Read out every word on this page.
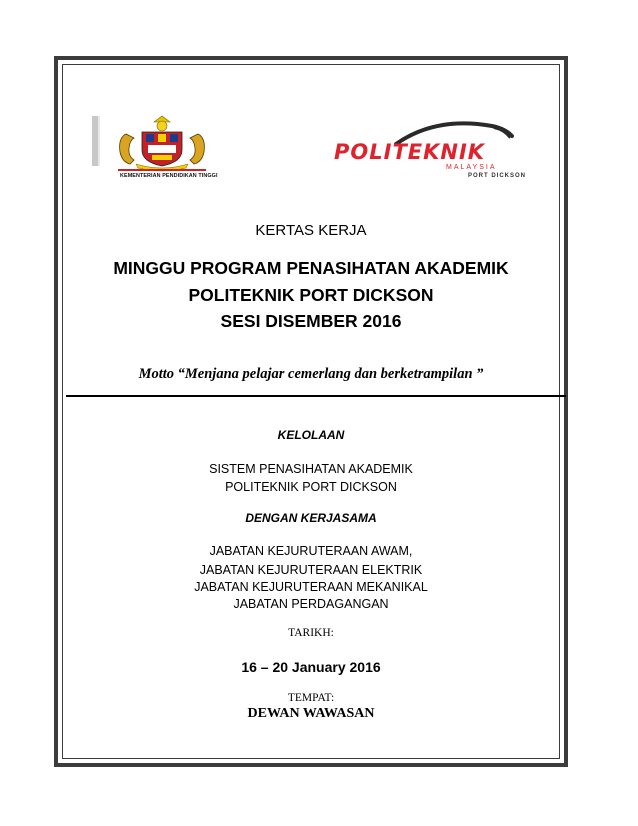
KEMENTERIAN PENDIDIKAN TINGGI
POLITEKNIK
MALAYSIA
PORT DICKSON
KERTAS KERJA
MINGGU PROGRAM PENASIHATAN AKADEMIK
POLITEKNIK PORT DICKSON
SESI DISEMBER 2016
Motto “Menjana pelajar cemerlang dan berketrampilan ”
KELOLAAN
SISTEM PENASIHATAN AKADEMIK
POLITEKNIK PORT DICKSON
DENGAN KERJASAMA
JABATAN KEJURUTERAAN AWAM,
JABATAN KEJURUTERAAN ELEKTRIK
JABATAN KEJURUTERAAN MEKANIKAL
JABATAN PERDAGANGAN
TARIKH:
16 – 20 January 2016
TEMPAT:
DEWAN WAWASAN
